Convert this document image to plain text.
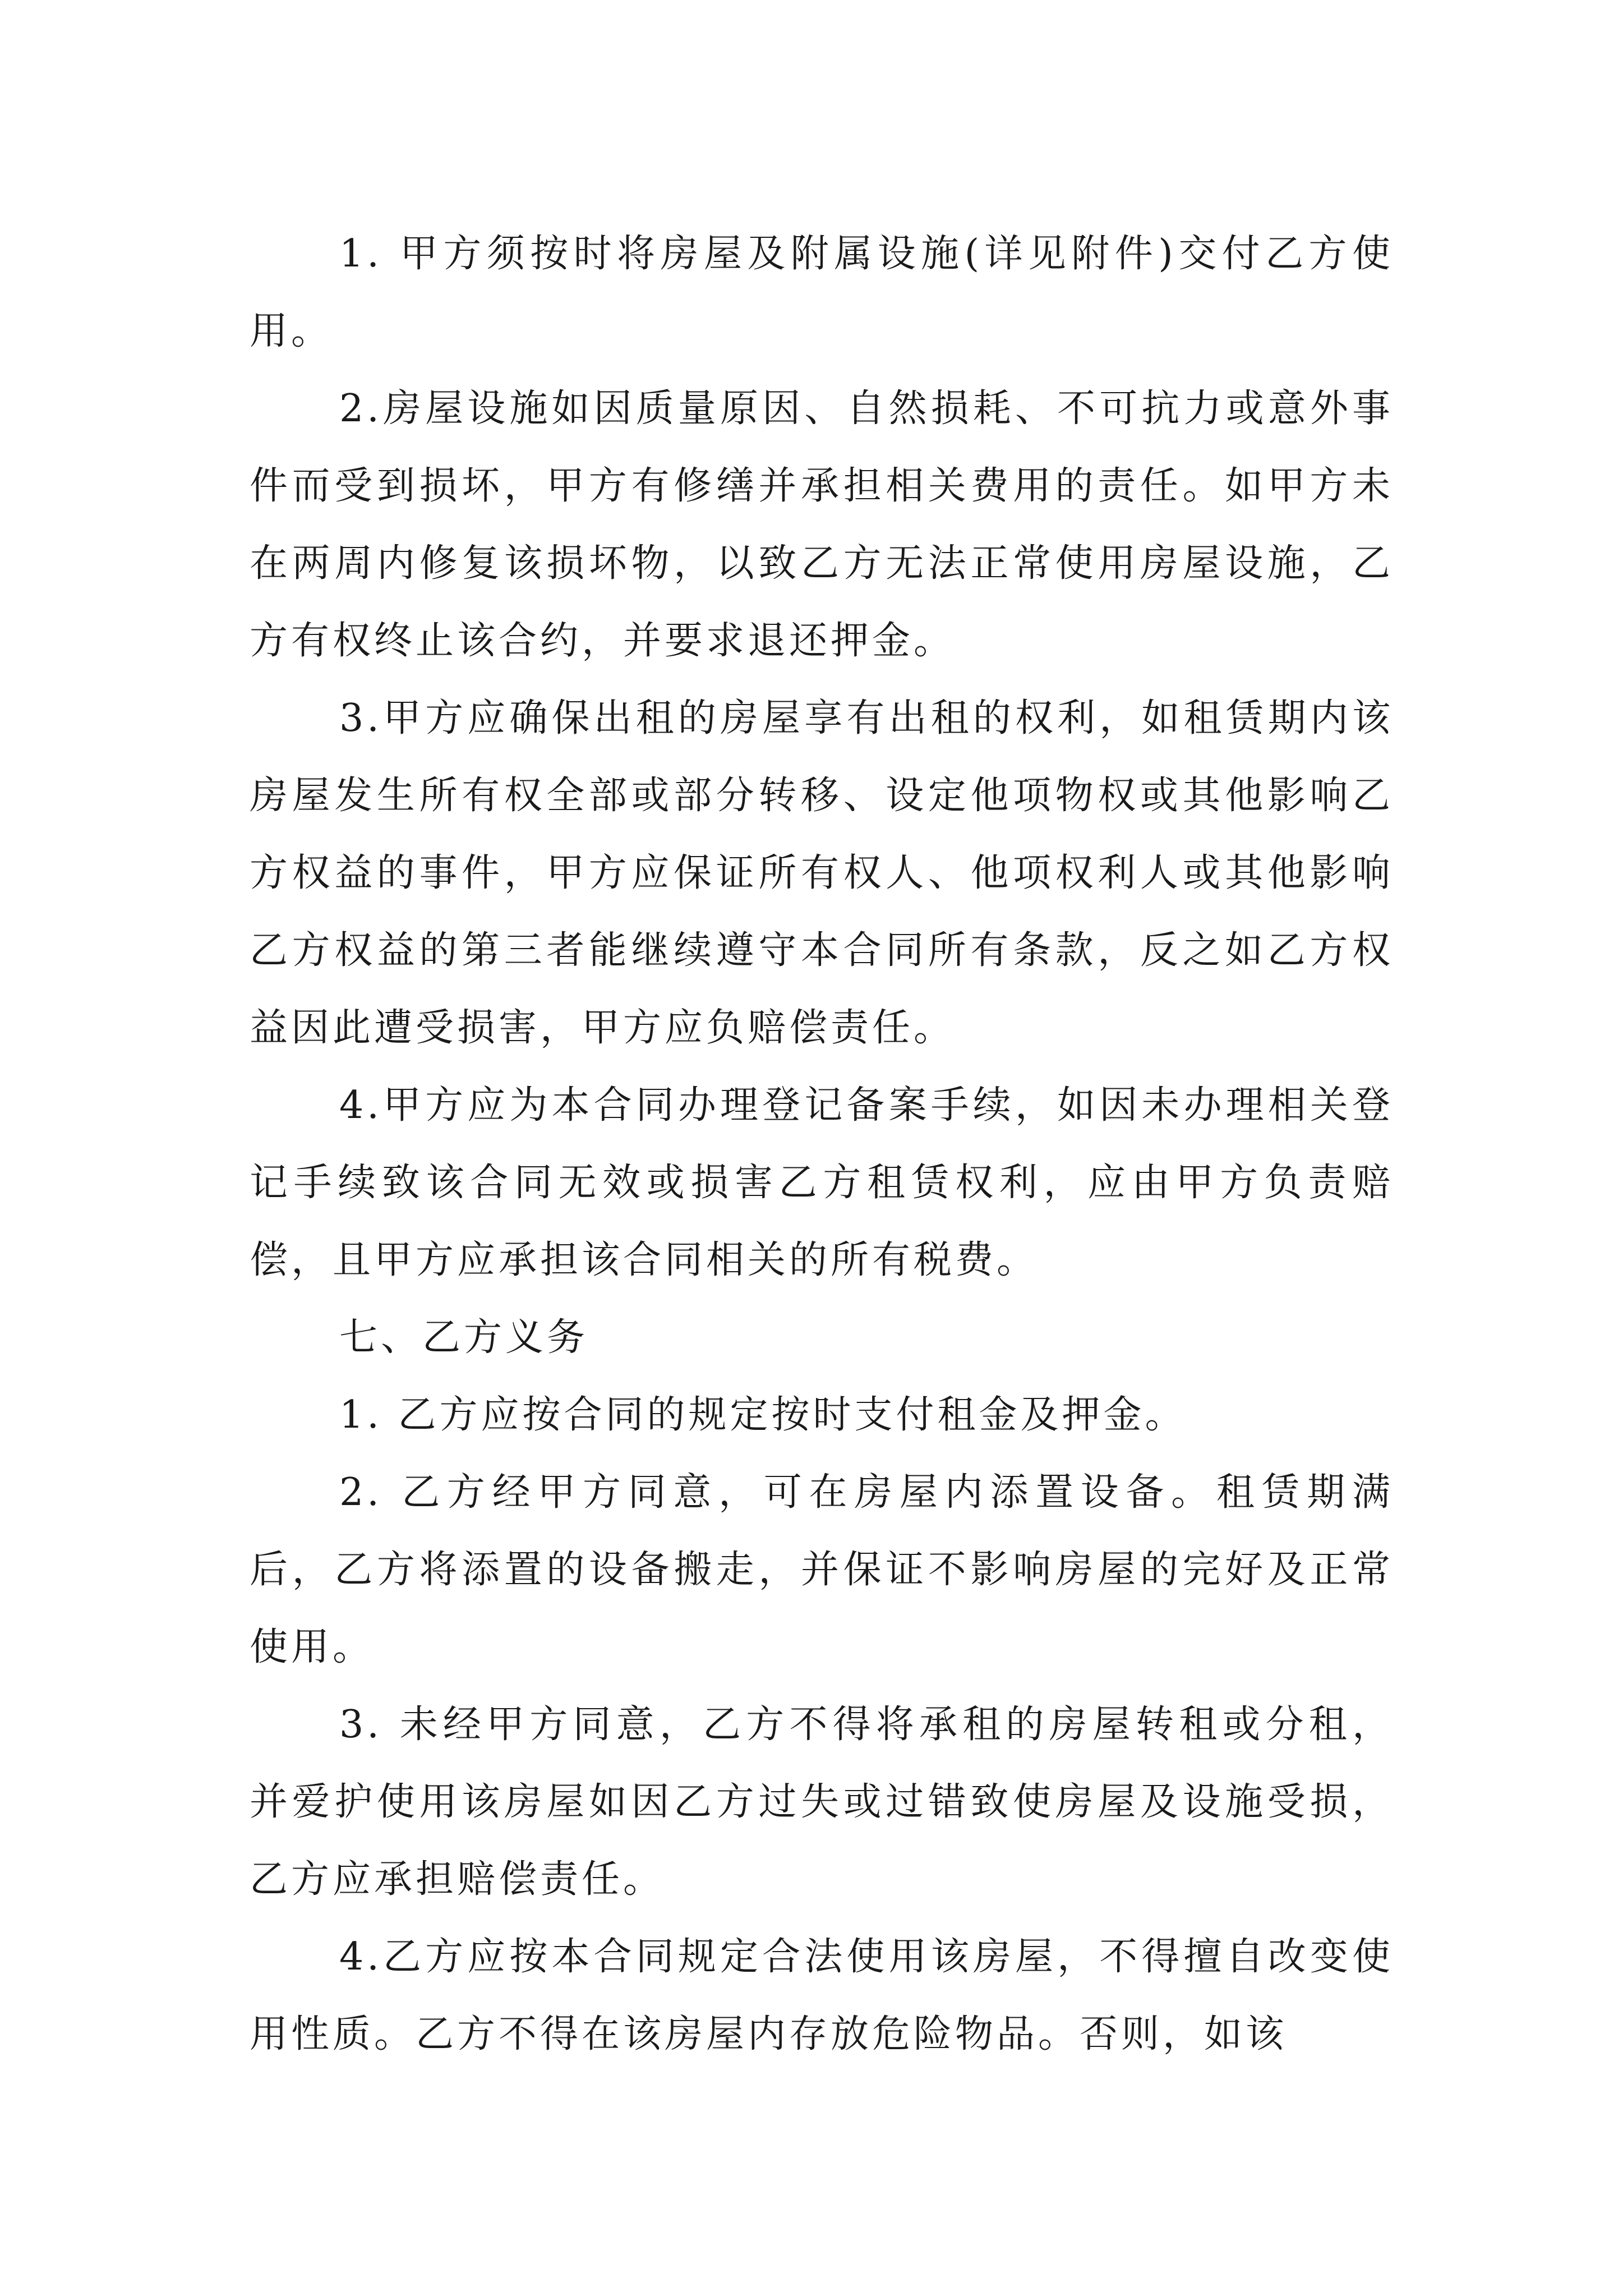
1. 甲方须按时将房屋及附属设施(详见附件)交付乙方使用。

2.房屋设施如因质量原因、自然损耗、不可抗力或意外事件而受到损坏，甲方有修缮并承担相关费用的责任。如甲方未在两周内修复该损坏物，以致乙方无法正常使用房屋设施，乙方有权终止该合约，并要求退还押金。

3.甲方应确保出租的房屋享有出租的权利，如租赁期内该房屋发生所有权全部或部分转移、设定他项物权或其他影响乙方权益的事件，甲方应保证所有权人、他项权利人或其他影响乙方权益的第三者能继续遵守本合同所有条款，反之如乙方权益因此遭受损害，甲方应负赔偿责任。

4.甲方应为本合同办理登记备案手续，如因未办理相关登记手续致该合同无效或损害乙方租赁权利，应由甲方负责赔偿，且甲方应承担该合同相关的所有税费。

七、乙方义务

1. 乙方应按合同的规定按时支付租金及押金。

2. 乙方经甲方同意，可在房屋内添置设备。租赁期满后，乙方将添置的设备搬走，并保证不影响房屋的完好及正常使用。

3. 未经甲方同意，乙方不得将承租的房屋转租或分租，并爱护使用该房屋如因乙方过失或过错致使房屋及设施受损，乙方应承担赔偿责任。

4.乙方应按本合同规定合法使用该房屋，不得擅自改变使用性质。乙方不得在该房屋内存放危险物品。否则，如该
